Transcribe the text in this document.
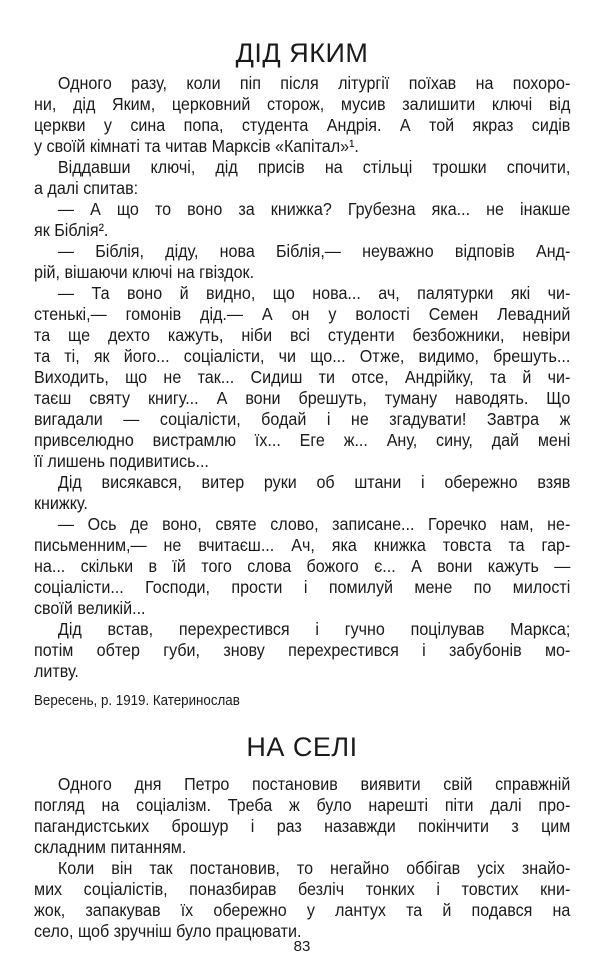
ДІД ЯКИМ
Одного разу, коли піп після літургії поїхав на похоро-
ни, дід Яким, церковний сторож, мусив залишити ключі від
церкви у сина попа, студента Андрія. А той якраз сидів
у своїй кімнаті та читав Марксів «Капітал»¹.
Віддавши ключі, дід присів на стільці трошки спочити,
а далі спитав:
— А що то воно за книжка? Грубезна яка... не інакше
як Біблія².
— Біблія, діду, нова Біблія,— неуважно відповів Анд-
рій, вішаючи ключі на гвіздок.
— Та воно й видно, що нова... ач, палятурки які чи-
стенькі,— гомонів дід.— А он у волості Семен Левадний
та ще дехто кажуть, ніби всі студенти безбожники, невіри
та ті, як його... соціалісти, чи що... Отже, видимо, брешуть...
Виходить, що не так... Сидиш ти отсе, Андрійку, та й чи-
таєш святу книгу... А вони брешуть, туману наводять. Що
вигадали — соціалісти, бодай і не згадувати! Завтра ж
привселюдно вистрамлю їх... Еге ж... Ану, сину, дай мені
її лишень подивитись...
Дід висякався, витер руки об штани і обережно взяв
книжку.
— Ось де воно, святе слово, записане... Горечко нам, не-
письменним,— не вчитаєш... Ач, яка книжка товста та гар-
на... скільки в їй того слова божого є... А вони кажуть —
соціалісти... Господи, прости і помилуй мене по милості
своїй великій...
Дід встав, перехрестився і гучно поцілував Маркса;
потім обтер губи, знову перехрестився і забубонів мо-
литву.
Вересень, р. 1919. Катеринослав
НА СЕЛІ
Одного дня Петро постановив виявити свій справжній
погляд на соціалізм. Треба ж було нарешті піти далі про-
пагандистських брошур і раз назавжди покінчити з цим
складним питанням.
Коли він так постановив, то негайно оббігав усіх знайо-
мих соціалістів, поназбирав безліч тонких і товстих кни-
жок, запакував їх обережно у лантух та й подався на
село, щоб зручніш було працювати.
83
